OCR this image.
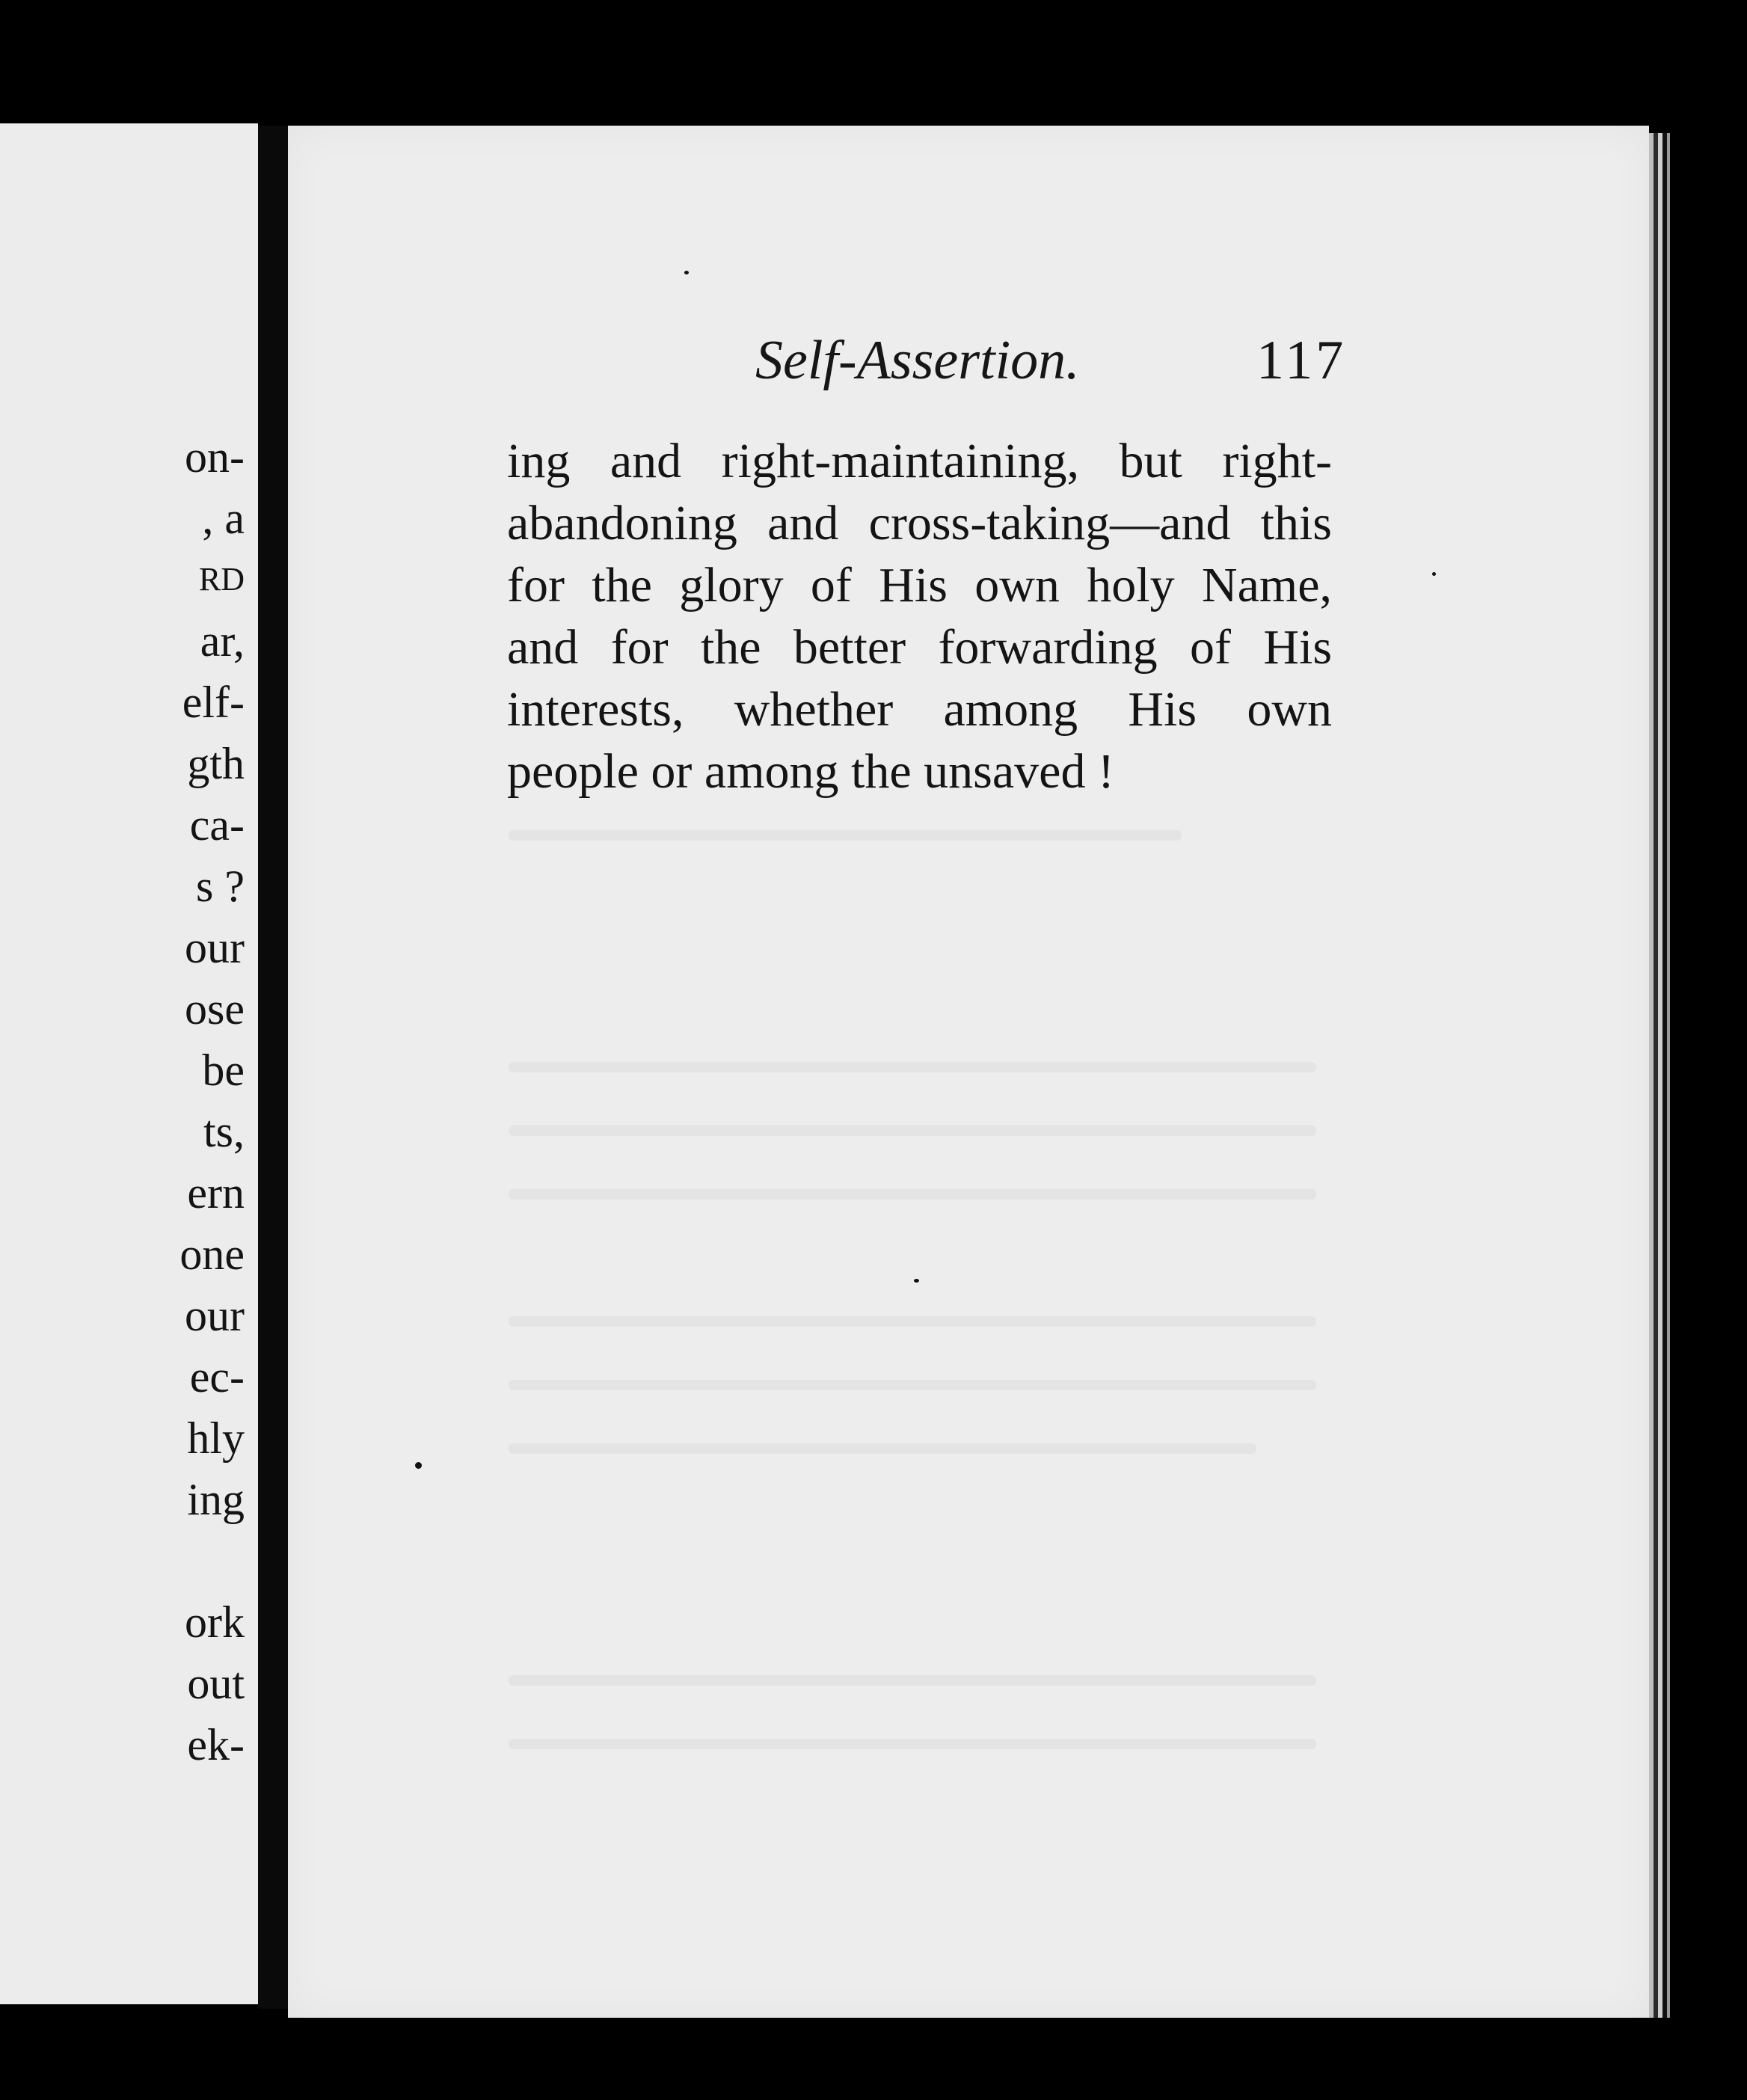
on-
, a
RD
ar,
elf-
gth
ca-
s ?
our
ose
be
ts,
ern
one
our
ec-
hly
ing
ork
out
ek-
Self-Assertion.	117
ing and right-maintaining, but right-
abandoning and cross-taking—and this
for the glory of His own holy Name,
and for the better forwarding of His
interests, whether among His own
people or among the unsaved !
